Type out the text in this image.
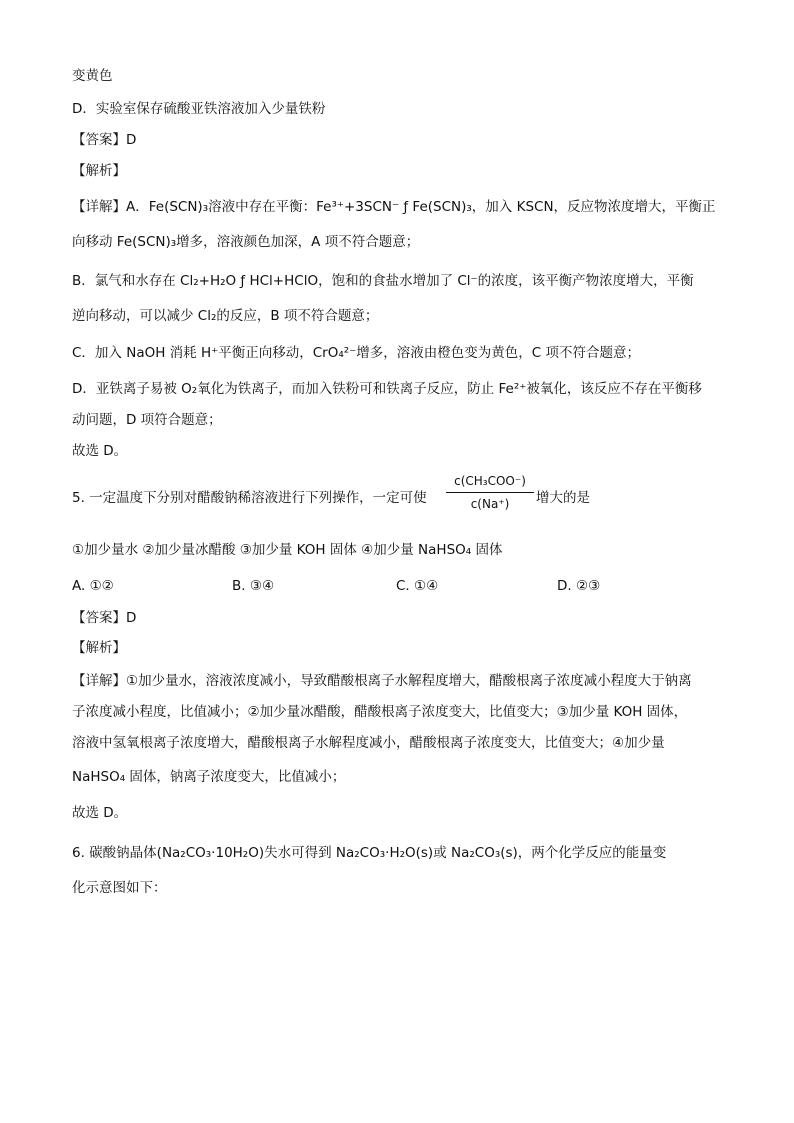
变黄色
D．实验室保存硫酸亚铁溶液加入少量铁粉
【答案】D
【解析】
【详解】A．Fe(SCN)₃溶液中存在平衡：Fe³⁺+3SCN⁻ ƒ Fe(SCN)₃，加入 KSCN，反应物浓度增大，平衡正
向移动 Fe(SCN)₃增多，溶液颜色加深，A 项不符合题意；
B．氯气和水存在 Cl₂+H₂O ƒ HCl+HClO，饱和的食盐水增加了 Cl⁻的浓度，该平衡产物浓度增大，平衡
逆向移动，可以减少 Cl₂的反应，B 项不符合题意；
C．加入 NaOH 消耗 H⁺平衡正向移动，CrO₄²⁻增多，溶液由橙色变为黄色，C 项不符合题意；
D．亚铁离子易被 O₂氧化为铁离子，而加入铁粉可和铁离子反应，防止 Fe²⁺被氧化，该反应不存在平衡移
动问题，D 项符合题意；
故选 D。
5. 一定温度下分别对醋酸钠稀溶液进行下列操作，一定可使
c(CH₃COO⁻)
c(Na⁺)	增大的是
①加少量水 ②加少量冰醋酸 ③加少量 KOH 固体 ④加少量 NaHSO₄ 固体
A. ①②	B. ③④	C. ①④	D. ②③
【答案】D
【解析】
【详解】①加少量水，溶液浓度减小，导致醋酸根离子水解程度增大，醋酸根离子浓度减小程度大于钠离
子浓度减小程度，比值减小；②加少量冰醋酸，醋酸根离子浓度变大，比值变大；③加少量 KOH 固体，
溶液中氢氧根离子浓度增大，醋酸根离子水解程度减小，醋酸根离子浓度变大，比值变大；④加少量
NaHSO₄ 固体，钠离子浓度变大，比值减小；
故选 D。
6. 碳酸钠晶体(Na₂CO₃·10H₂O)失水可得到 Na₂CO₃·H₂O(s)或 Na₂CO₃(s)，两个化学反应的能量变
化示意图如下：
